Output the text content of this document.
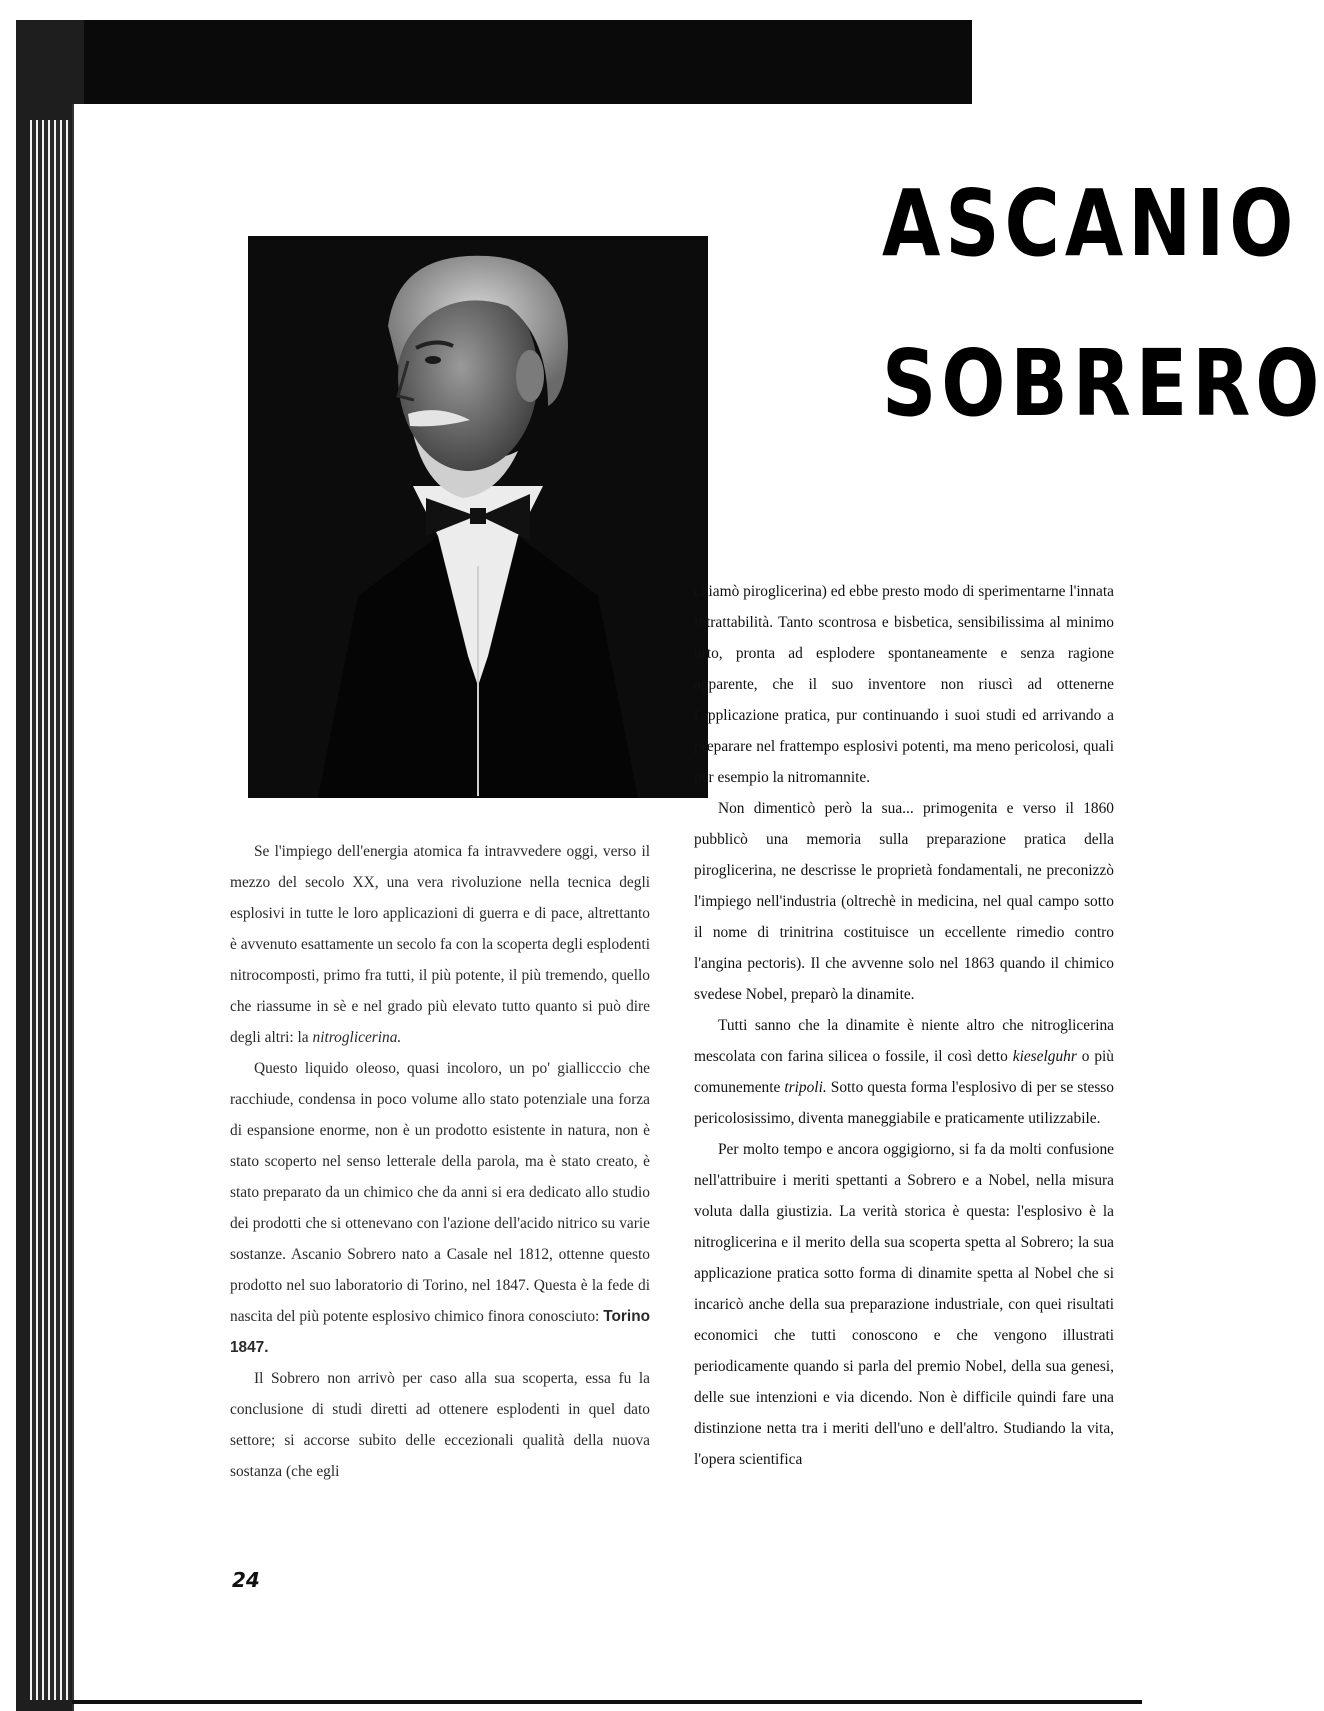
ASCANIO
SOBRERO

Se l'impiego dell'energia atomica fa intravvedere oggi, verso il mezzo del secolo XX, una vera rivoluzione nella tecnica degli esplosivi in tutte le loro applicazioni di guerra e di pace, altrettanto è avvenuto esattamente un secolo fa con la scoperta degli esplodenti nitrocomposti, primo fra tutti, il più potente, il più tremendo, quello che riassume in sè e nel grado più elevato tutto quanto si può dire degli altri: la nitroglicerina.

Questo liquido oleoso, quasi incoloro, un po' giallicccio che racchiude, condensa in poco volume allo stato potenziale una forza di espansione enorme, non è un prodotto esistente in natura, non è stato scoperto nel senso letterale della parola, ma è stato creato, è stato preparato da un chimico che da anni si era dedicato allo studio dei prodotti che si ottenevano con l'azione dell'acido nitrico su varie sostanze. Ascanio Sobrero nato a Casale nel 1812, ottenne questo prodotto nel suo laboratorio di Torino, nel 1847. Questa è la fede di nascita del più potente esplosivo chimico finora conosciuto: Torino 1847.

Il Sobrero non arrivò per caso alla sua scoperta, essa fu la conclusione di studi diretti ad ottenere esplodenti in quel dato settore; si accorse subito delle eccezionali qualità della nuova sostanza (che egli

chiamò piroglicerina) ed ebbe presto modo di sperimentarne l'innata intrattabilità. Tanto scontrosa e bisbetica, sensibilissima al minimo urto, pronta ad esplodere spontaneamente e senza ragione apparente, che il suo inventore non riuscì ad ottenerne l'applicazione pratica, pur continuando i suoi studi ed arrivando a preparare nel frattempo esplosivi potenti, ma meno pericolosi, quali per esempio la nitromannite.

Non dimenticò però la sua... primogenita e verso il 1860 pubblicò una memoria sulla preparazione pratica della piroglicerina, ne descrisse le proprietà fondamentali, ne preconizzò l'impiego nell'industria (oltrechè in medicina, nel qual campo sotto il nome di trinitrina costituisce un eccellente rimedio contro l'angina pectoris). Il che avvenne solo nel 1863 quando il chimico svedese Nobel, preparò la dinamite.

Tutti sanno che la dinamite è niente altro che nitroglicerina mescolata con farina silicea o fossile, il così detto kieselguhr o più comunemente tripoli. Sotto questa forma l'esplosivo di per se stesso pericolosissimo, diventa maneggiabile e praticamente utilizzabile.

Per molto tempo e ancora oggigiorno, si fa da molti confusione nell'attribuire i meriti spettanti a Sobrero e a Nobel, nella misura voluta dalla giustizia. La verità storica è questa: l'esplosivo è la nitroglicerina e il merito della sua scoperta spetta al Sobrero; la sua applicazione pratica sotto forma di dinamite spetta al Nobel che si incaricò anche della sua preparazione industriale, con quei risultati economici che tutti conoscono e che vengono illustrati periodicamente quando si parla del premio Nobel, della sua genesi, delle sue intenzioni e via dicendo. Non è difficile quindi fare una distinzione netta tra i meriti dell'uno e dell'altro. Studiando la vita, l'opera scientifica

24
